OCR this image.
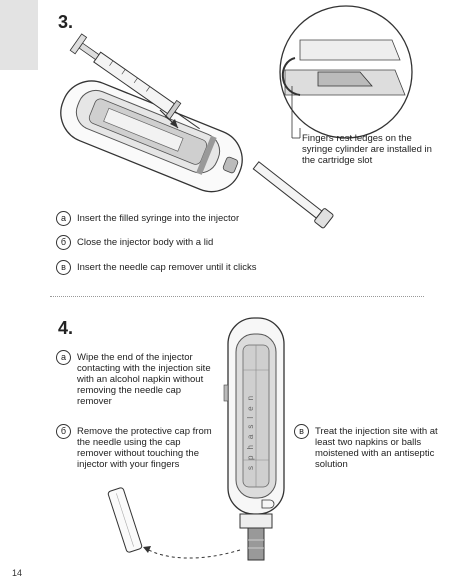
3.
Fingers rest ledges on the syringe cylinder are installed in the cartridge slot
а	Insert the filled syringe into the injector
б	Close the injector body with a lid
в	Insert the needle cap remover until it clicks
4.
sphaslen
а	Wipe the end of the injector contacting with the injection site with an alcohol napkin without removing the needle cap remover
б	Remove the protective cap from the needle using the cap remover without touching the injector with your fingers
в	Treat the injection site with at least two napkins or balls moistened with an antiseptic solution
14
